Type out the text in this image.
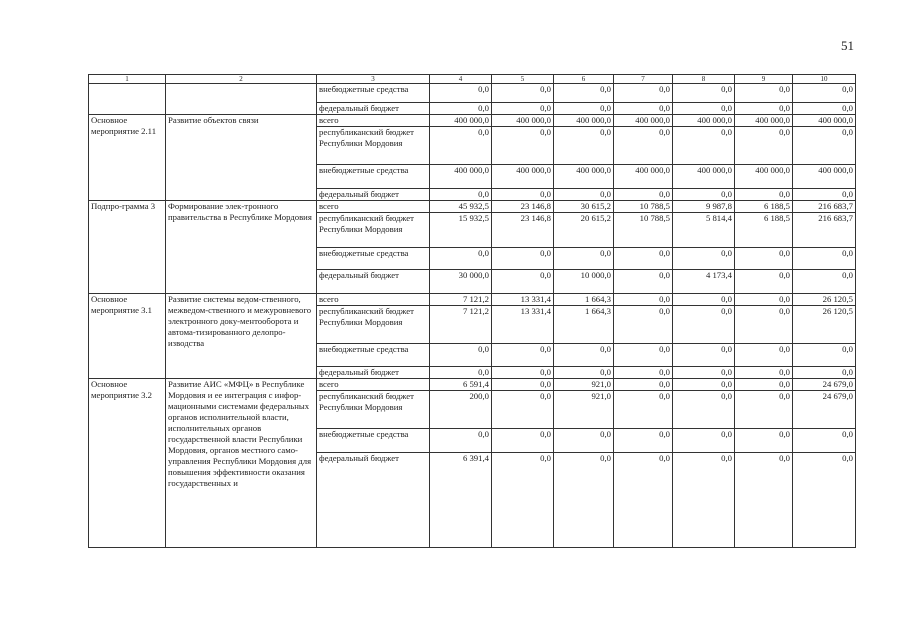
51
1	2	3	4	5	6	7	8	9	10
		внебюджетные средства	0,0	0,0	0,0	0,0	0,0	0,0	0,0
		федеральный бюджет	0,0	0,0	0,0	0,0	0,0	0,0	0,0
Основное мероприятие 2.11	Развитие объектов связи	всего	400 000,0	400 000,0	400 000,0	400 000,0	400 000,0	400 000,0	400 000,0
		республиканский бюджет Республики Мордовия	0,0	0,0	0,0	0,0	0,0	0,0	0,0
		внебюджетные средства	400 000,0	400 000,0	400 000,0	400 000,0	400 000,0	400 000,0	400 000,0
		федеральный бюджет	0,0	0,0	0,0	0,0	0,0	0,0	0,0
Подпро-грамма 3	Формирование элек-тронного правительства в Республике Мордовия	всего	45 932,5	23 146,8	30 615,2	10 788,5	9 987,8	6 188,5	216 683,7
		республиканский бюджет Республики Мордовия	15 932,5	23 146,8	20 615,2	10 788,5	5 814,4	6 188,5	216 683,7
		внебюджетные средства	0,0	0,0	0,0	0,0	0,0	0,0	0,0
		федеральный бюджет	30 000,0	0,0	10 000,0	0,0	4 173,4	0,0	0,0
Основное мероприятие 3.1	Развитие системы ведом-ственного, межведом-ственного и межуровневого электронного доку-ментооборота и автома-тизированного делопро-изводства	всего	7 121,2	13 331,4	1 664,3	0,0	0,0	0,0	26 120,5
		республиканский бюджет Республики Мордовия	7 121,2	13 331,4	1 664,3	0,0	0,0	0,0	26 120,5
		внебюджетные средства	0,0	0,0	0,0	0,0	0,0	0,0	0,0
		федеральный бюджет	0,0	0,0	0,0	0,0	0,0	0,0	0,0
Основное мероприятие 3.2	Развитие АИС «МФЦ» в Республике Мордовия и ее интеграция с инфор-мационными системами федеральных органов исполнительной власти, исполнительных органов государственной власти Республики Мордовия, органов местного само-управления Республики Мордовия для повышения эффективности оказания государственных и	всего	6 591,4	0,0	921,0	0,0	0,0	0,0	24 679,0
		республиканский бюджет Республики Мордовия	200,0	0,0	921,0	0,0	0,0	0,0	24 679,0
		внебюджетные средства	0,0	0,0	0,0	0,0	0,0	0,0	0,0
		федеральный бюджет	6 391,4	0,0	0,0	0,0	0,0	0,0	0,0
